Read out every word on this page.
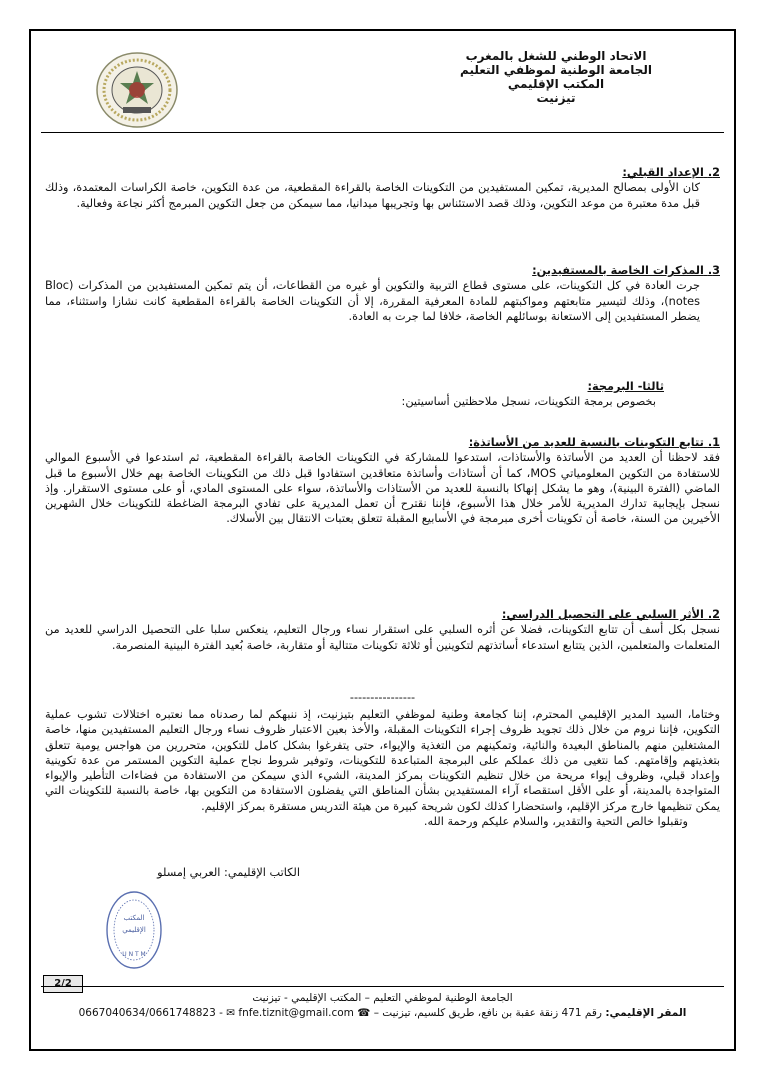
الاتحاد الوطني للشغل بالمغرب
الجامعة الوطنية لموظفي التعليم
المكتب الإقليمي
تيزنيت

2. الإعداد القبلي:

كان الأولى بمصالح المديرية، تمكين المستفيدين من التكوينات الخاصة بالقراءة المقطعية، من عدة التكوين، خاصة الكراسات المعتمدة، وذلك قبل مدة معتبرة من موعد التكوين، وذلك قصد الاستئناس بها وتجريبها ميدانيا، مما سيمكن من جعل التكوين المبرمج أكثر نجاعة وفعالية.

3. المذكرات الخاصة بالمستفيدين:

جرت العادة في كل التكوينات، على مستوى قطاع التربية والتكوين أو غيره من القطاعات، أن يتم تمكين المستفيدين من المذكرات (Bloc notes)، وذلك لتيسير متابعتهم ومواكبتهم للمادة المعرفية المقررة، إلا أن التكوينات الخاصة بالقراءة المقطعية كانت نشازا واستثناء، مما يضطر المستفيدين إلى الاستعانة بوسائلهم الخاصة، خلافا لما جرت به العادة.

ثالثا- البرمجة:

بخصوص برمجة التكوينات، نسجل ملاحظتين أساسيتين:

1. تتابع التكوينات بالنسبة للعديد من الأساتذة:

فقد لاحظنا أن العديد من الأساتذة والأستاذات، استدعوا للمشاركة في التكوينات الخاصة بالقراءة المقطعية، ثم استدعوا في الأسبوع الموالي للاستفادة من التكوين المعلومياتي MOS، كما أن أستاذات وأساتذة متعاقدين استفادوا قبل ذلك من التكوينات الخاصة بهم خلال الأسبوع ما قبل الماضي (الفترة البينية)، وهو ما يشكل إنهاكا بالنسبة للعديد من الأستاذات والأساتذة، سواء على المستوى المادي، أو على مستوى الاستقرار. وإذ نسجل بإيجابية تدارك المديرية للأمر خلال هذا الأسبوع، فإننا نقترح أن تعمل المديرية على تفادي البرمجة الضاغطة للتكوينات خلال الشهرين الأخيرين من السنة، خاصة أن تكوينات أخرى مبرمجة في الأسابيع المقبلة تتعلق بعتبات الانتقال بين الأسلاك.

2. الأثر السلبي على التحصيل الدراسي:

نسجل بكل أسف أن تتابع التكوينات، فضلا عن أثره السلبي على استقرار نساء ورجال التعليم، ينعكس سلبا على التحصيل الدراسي للعديد من المتعلمات والمتعلمين، الذين يتتابع استدعاء أساتذتهم لتكوينين أو ثلاثة تكوينات متتالية أو متقاربة، خاصة بُعيد الفترة البينية المنصرمة.

----------------

وختاما، السيد المدير الإقليمي المحترم، إننا كجامعة وطنية لموظفي التعليم بتيزنيت، إذ ننبهكم لما رصدناه مما نعتبره اختلالات تشوب عملية التكوين، فإننا نروم من خلال ذلك تجويد ظروف إجراء التكوينات المقبلة، والأخذ بعين الاعتبار ظروف نساء ورجال التعليم المستفيدين منها، خاصة المشتغلين منهم بالمناطق البعيدة والنائية، وتمكينهم من التغذية والإيواء، حتى يتفرغوا بشكل كامل للتكوين، متحررين من هواجس يومية تتعلق بتغذيتهم وإقامتهم. كما نتغيى من ذلك عملكم على البرمجة المتباعدة للتكوينات، وتوفير شروط نجاح عملية التكوين المستمر من عدة تكوينية وإعداد قبلي، وظروف إيواء مريحة من خلال تنظيم التكوينات بمركز المدينة، الشيء الذي سيمكن من الاستفادة من فضاءات التأطير والإيواء المتواجدة بالمدينة، أو على الأقل استقصاء آراء المستفيدين بشأن المناطق التي يفضلون الاستفادة من التكوين بها، خاصة بالنسبة للتكوينات التي يمكن تنظيمها خارج مركز الإقليم، واستحضارا كذلك لكون شريحة كبيرة من هيئة التدريس مستقرة بمركز الإقليم.

وتقبلوا خالص التحية والتقدير، والسلام عليكم ورحمة الله.

الكاتب الإقليمي: العربي إمسلو
المكتب
الإقليمي
U N T M
2/2
الجامعة الوطنية لموظفي التعليم – المكتب الإقليمي - تيزنيت
المقر الإقليمي: رقم 471 زنقة عقبة بن نافع، طريق كلسيم، تيزنيت – ☎ 0667040634/0661748823 - ✉ fnfe.tiznit@gmail.com
